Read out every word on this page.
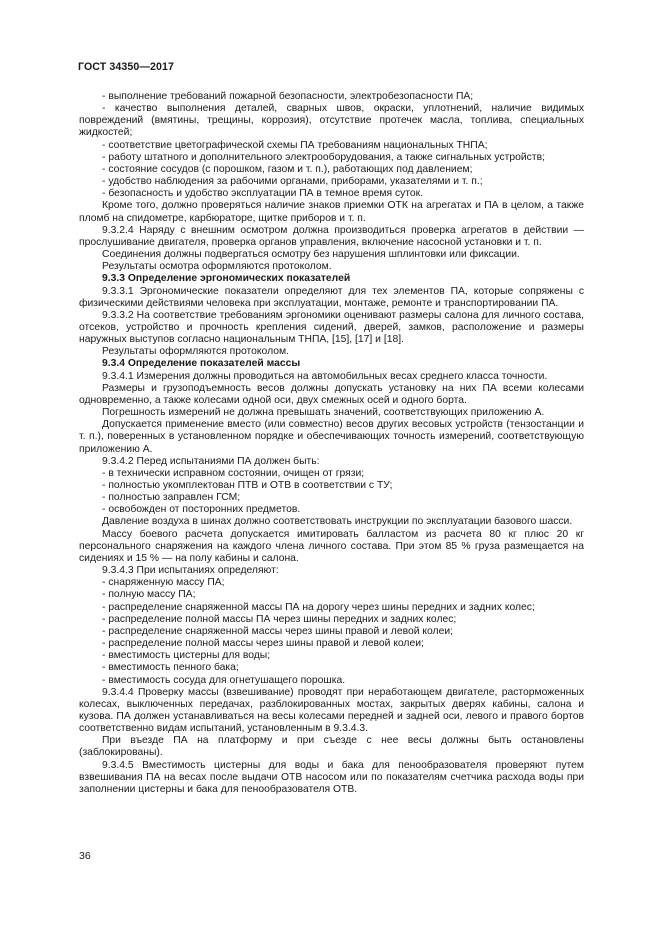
ГОСТ 34350—2017

- выполнение требований пожарной безопасности, электробезопасности ПА;

- качество выполнения деталей, сварных швов, окраски, уплотнений, наличие видимых повреждений (вмятины, трещины, коррозия), отсутствие протечек масла, топлива, специальных жидкостей;

- соответствие цветографической схемы ПА требованиям национальных ТНПА;

- работу штатного и дополнительного электрооборудования, а также сигнальных устройств;

- состояние сосудов (с порошком, газом и т. п.), работающих под давлением;

- удобство наблюдения за рабочими органами, приборами, указателями и т. п.;

- безопасность и удобство эксплуатации ПА в темное время суток.

Кроме того, должно проверяться наличие знаков приемки ОТК на агрегатах и ПА в целом, а также пломб на спидометре, карбюраторе, щитке приборов и т. п.

9.3.2.4 Наряду с внешним осмотром должна производиться проверка агрегатов в действии — прослушивание двигателя, проверка органов управления, включение насосной установки и т. п.

Соединения должны подвергаться осмотру без нарушения шплинтовки или фиксации.

Результаты осмотра оформляются протоколом.

9.3.3 Определение эргономических показателей

9.3.3.1 Эргономические показатели определяют для тех элементов ПА, которые сопряжены с физическими действиями человека при эксплуатации, монтаже, ремонте и транспортировании ПА.

9.3.3.2 На соответствие требованиям эргономики оценивают размеры салона для личного состава, отсеков, устройство и прочность крепления сидений, дверей, замков, расположение и размеры наружных выступов согласно национальным ТНПА, [15], [17] и [18].

Результаты оформляются протоколом.

9.3.4 Определение показателей массы

9.3.4.1 Измерения должны проводиться на автомобильных весах среднего класса точности.

Размеры и грузоподъемность весов должны допускать установку на них ПА всеми колесами одновременно, а также колесами одной оси, двух смежных осей и одного борта.

Погрешность измерений не должна превышать значений, соответствующих приложению А.

Допускается применение вместо (или совместно) весов других весовых устройств (тензостанции и т. п.), поверенных в установленном порядке и обеспечивающих точность измерений, соответствующую приложению А.

9.3.4.2 Перед испытаниями ПА должен быть:

- в технически исправном состоянии, очищен от грязи;

- полностью укомплектован ПТВ и ОТВ в соответствии с ТУ;

- полностью заправлен ГСМ;

- освобожден от посторонних предметов.

Давление воздуха в шинах должно соответствовать инструкции по эксплуатации базового шасси.

Массу боевого расчета допускается имитировать балластом из расчета 80 кг плюс 20 кг персонального снаряжения на каждого члена личного состава. При этом 85 % груза размещается на сидениях и 15 % — на полу кабины и салона.

9.3.4.3 При испытаниях определяют:

- снаряженную массу ПА;

- полную массу ПА;

- распределение снаряженной массы ПА на дорогу через шины передних и задних колес;

- распределение полной массы ПА через шины передних и задних колес;

- распределение снаряженной массы через шины правой и левой колеи;

- распределение полной массы через шины правой и левой колеи;

- вместимость цистерны для воды;

- вместимость пенного бака;

- вместимость сосуда для огнетушащего порошка.

9.3.4.4 Проверку массы (взвешивание) проводят при неработающем двигателе, расторможенных колесах, выключенных передачах, разблокированных мостах, закрытых дверях кабины, салона и кузова. ПА должен устанавливаться на весы колесами передней и задней оси, левого и правого бортов соответственно видам испытаний, установленным в 9.3.4.3.

При въезде ПА на платформу и при съезде с нее весы должны быть остановлены (заблокированы).

9.3.4.5 Вместимость цистерны для воды и бака для пенообразователя проверяют путем взвешивания ПА на весах после выдачи ОТВ насосом или по показателям счетчика расхода воды при заполнении цистерны и бака для пенообразователя ОТВ.

36
